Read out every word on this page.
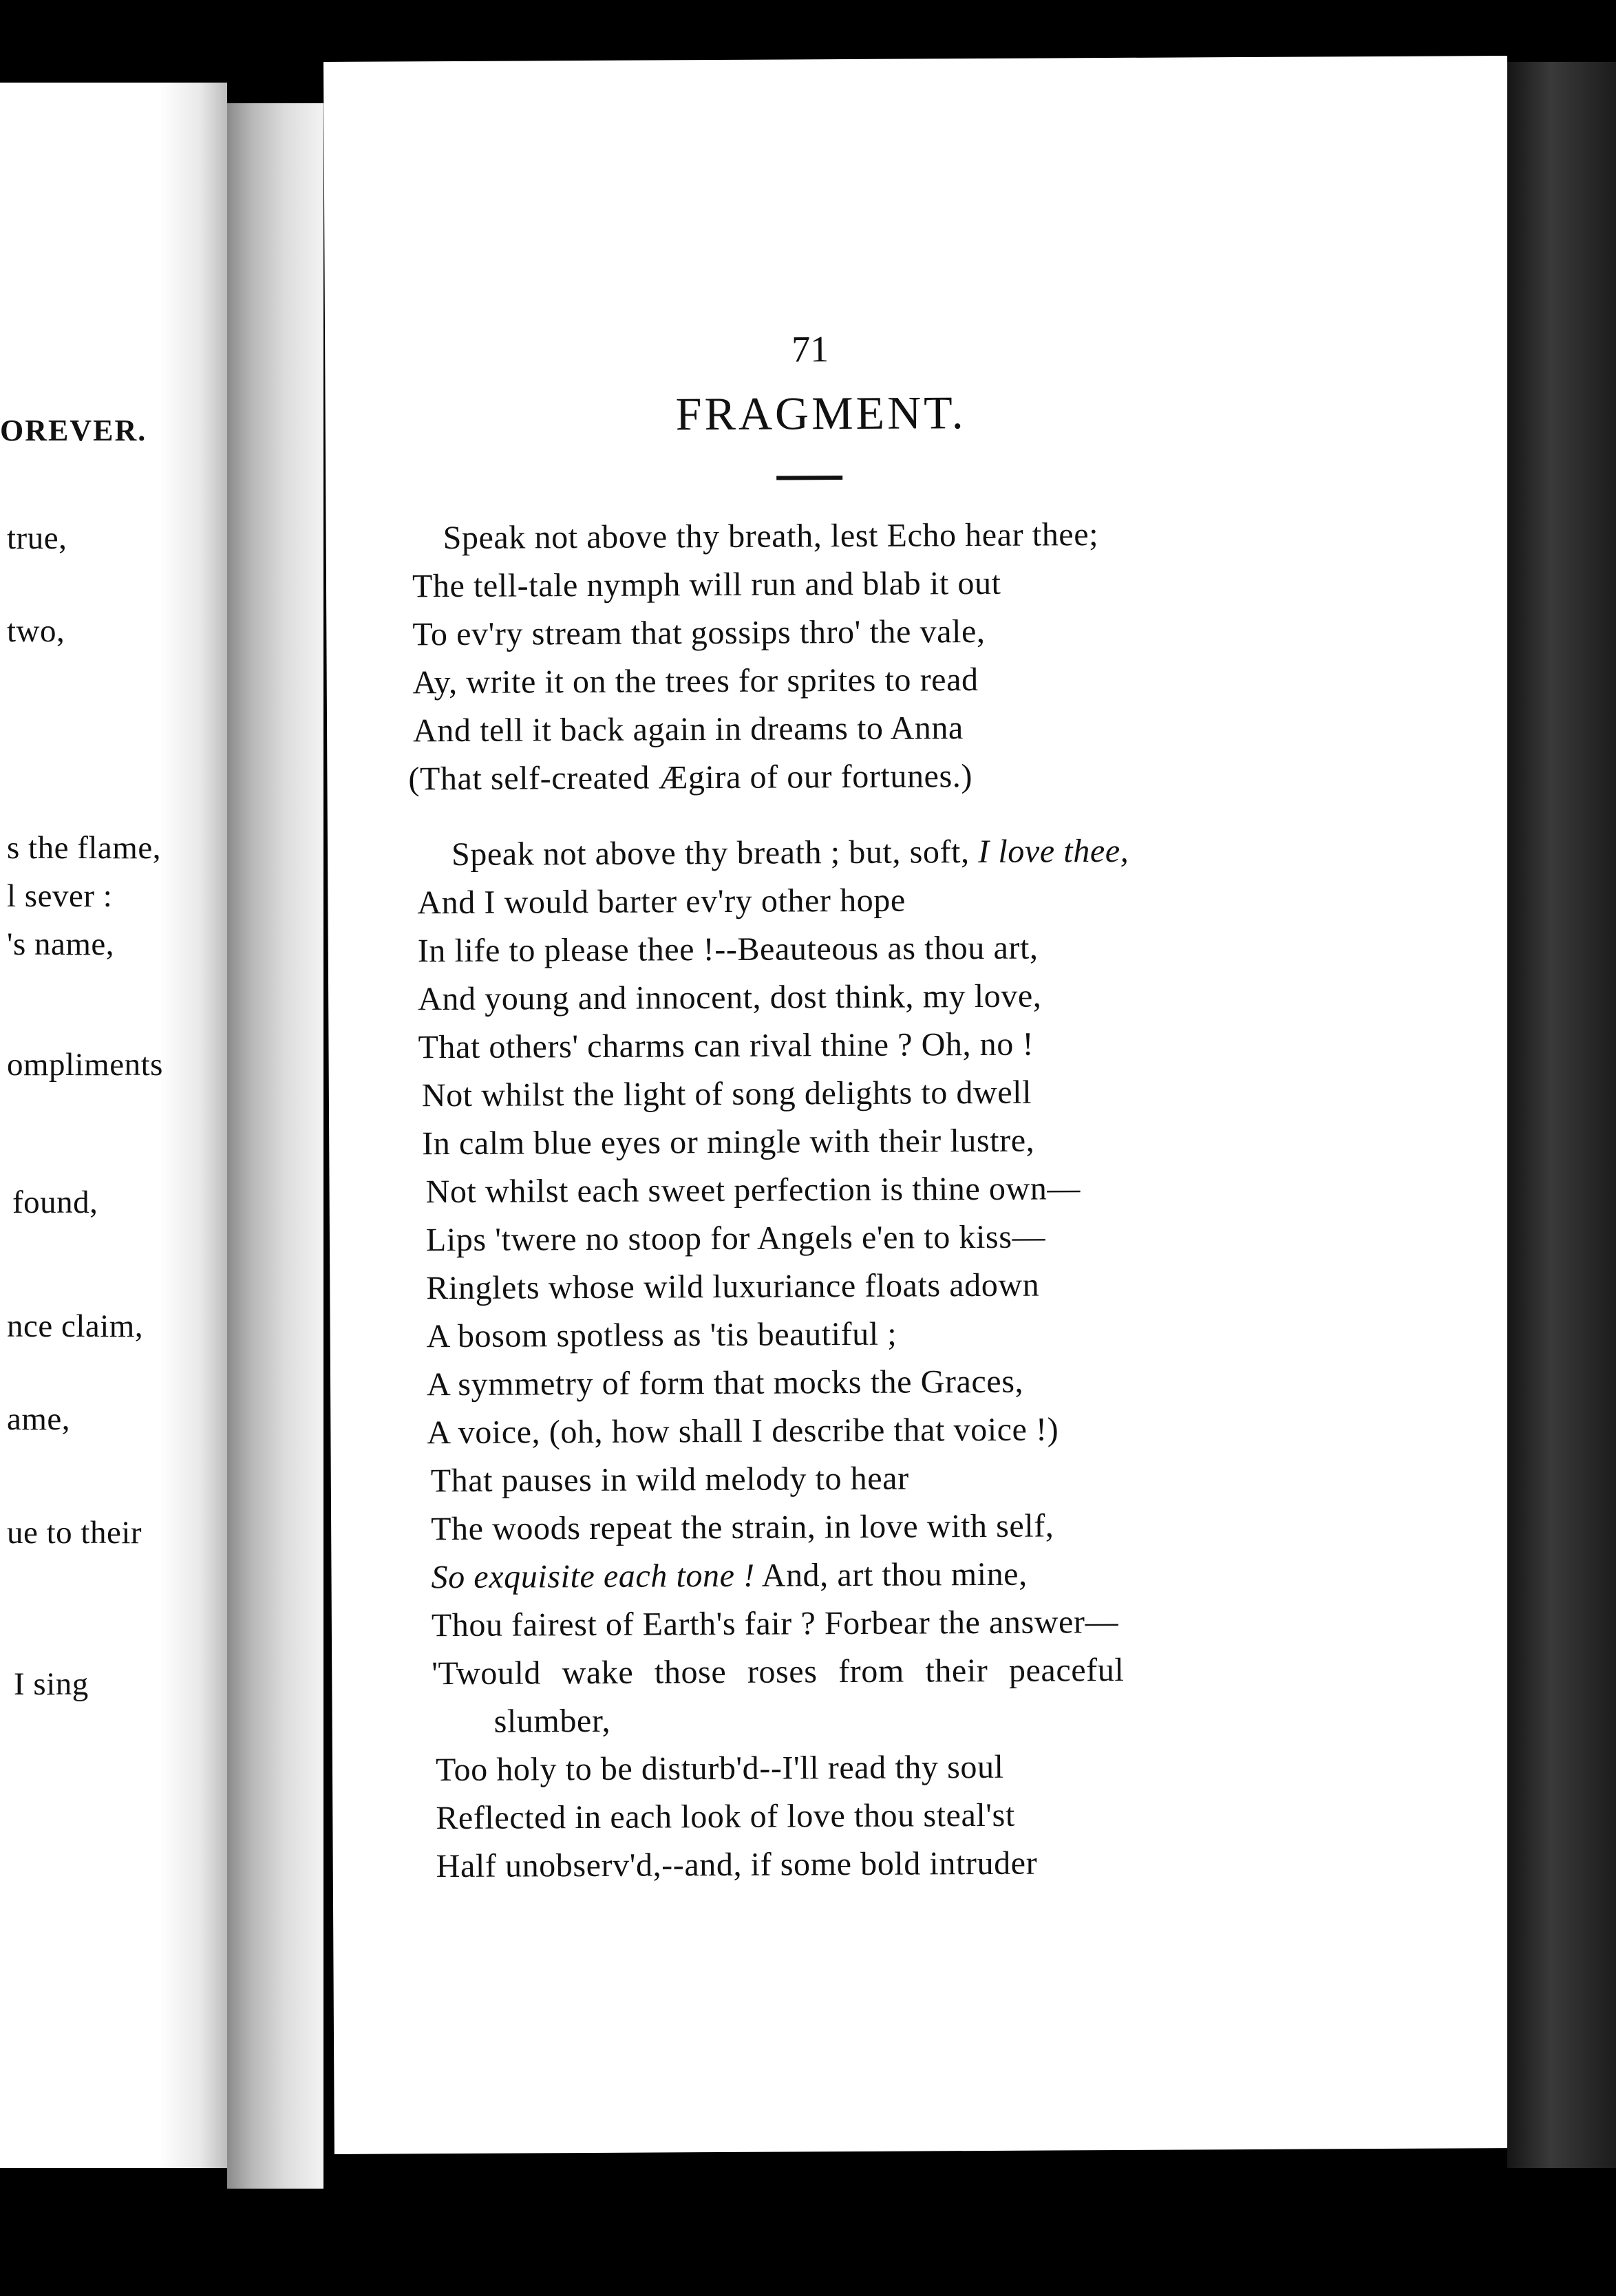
OREVER.
true,
two,
s the flame,
l sever :
's name,
ompliments
found,
nce claim,
ame,
ue to their
I sing
71
FRAGMENT.
Speak not above thy breath, lest Echo hear thee;
The tell-tale nymph will run and blab it out
To ev'ry stream that gossips thro' the vale,
Ay, write it on the trees for sprites to read
And tell it back again in dreams to Anna
(That self-created Ægira of our fortunes.)
Speak not above thy breath ; but, soft, I love thee,
And I would barter ev'ry other hope
In life to please thee !--Beauteous as thou art,
And young and innocent, dost think, my love,
That others' charms can rival thine ? Oh, no !
Not whilst the light of song delights to dwell
In calm blue eyes or mingle with their lustre,
Not whilst each sweet perfection is thine own—
Lips 'twere no stoop for Angels e'en to kiss—
Ringlets whose wild luxuriance floats adown
A bosom spotless as 'tis beautiful ;
A symmetry of form that mocks the Graces,
A voice, (oh, how shall I describe that voice !)
That pauses in wild melody to hear
The woods repeat the strain, in love with self,
So exquisite each tone ! And, art thou mine,
Thou fairest of Earth's fair ? Forbear the answer—
'Twould wake those roses from their peaceful
slumber,
Too holy to be disturb'd--I'll read thy soul
Reflected in each look of love thou steal'st
Half unobserv'd,--and, if some bold intruder
